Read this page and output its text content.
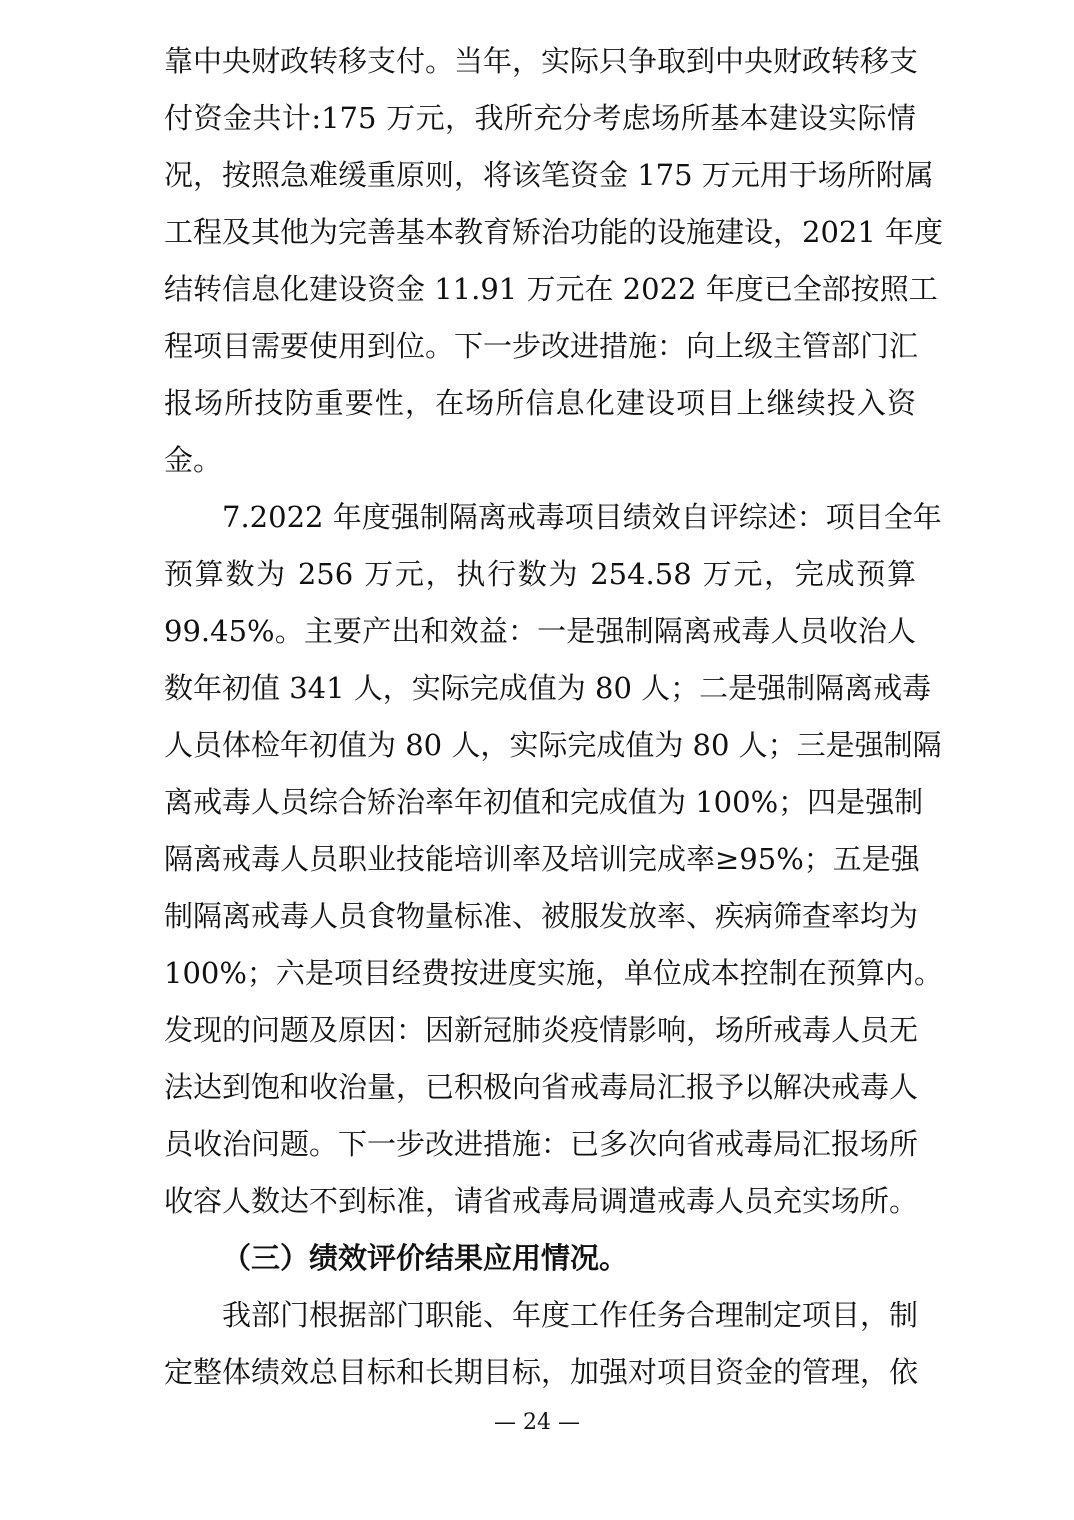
靠中央财政转移支付。当年，实际只争取到中央财政转移支
付资金共计:175 万元，我所充分考虑场所基本建设实际情
况，按照急难缓重原则，将该笔资金 175 万元用于场所附属
工程及其他为完善基本教育矫治功能的设施建设，2021 年度
结转信息化建设资金 11.91 万元在 2022 年度已全部按照工
程项目需要使用到位。下一步改进措施：向上级主管部门汇
报场所技防重要性，在场所信息化建设项目上继续投入资
金。
7.2022 年度强制隔离戒毒项目绩效自评综述：项目全年
预算数为 256 万元，执行数为 254.58 万元，完成预算
99.45%。主要产出和效益：一是强制隔离戒毒人员收治人
数年初值 341 人，实际完成值为 80 人；二是强制隔离戒毒
人员体检年初值为 80 人，实际完成值为 80 人；三是强制隔
离戒毒人员综合矫治率年初值和完成值为 100%；四是强制
隔离戒毒人员职业技能培训率及培训完成率≥95%；五是强
制隔离戒毒人员食物量标准、被服发放率、疾病筛查率均为
100%；六是项目经费按进度实施，单位成本控制在预算内。
发现的问题及原因：因新冠肺炎疫情影响，场所戒毒人员无
法达到饱和收治量，已积极向省戒毒局汇报予以解决戒毒人
员收治问题。下一步改进措施：已多次向省戒毒局汇报场所
收容人数达不到标准，请省戒毒局调遣戒毒人员充实场所。
（三）绩效评价结果应用情况。
我部门根据部门职能、年度工作任务合理制定项目，制
定整体绩效总目标和长期目标，加强对项目资金的管理，依
— 24 —
